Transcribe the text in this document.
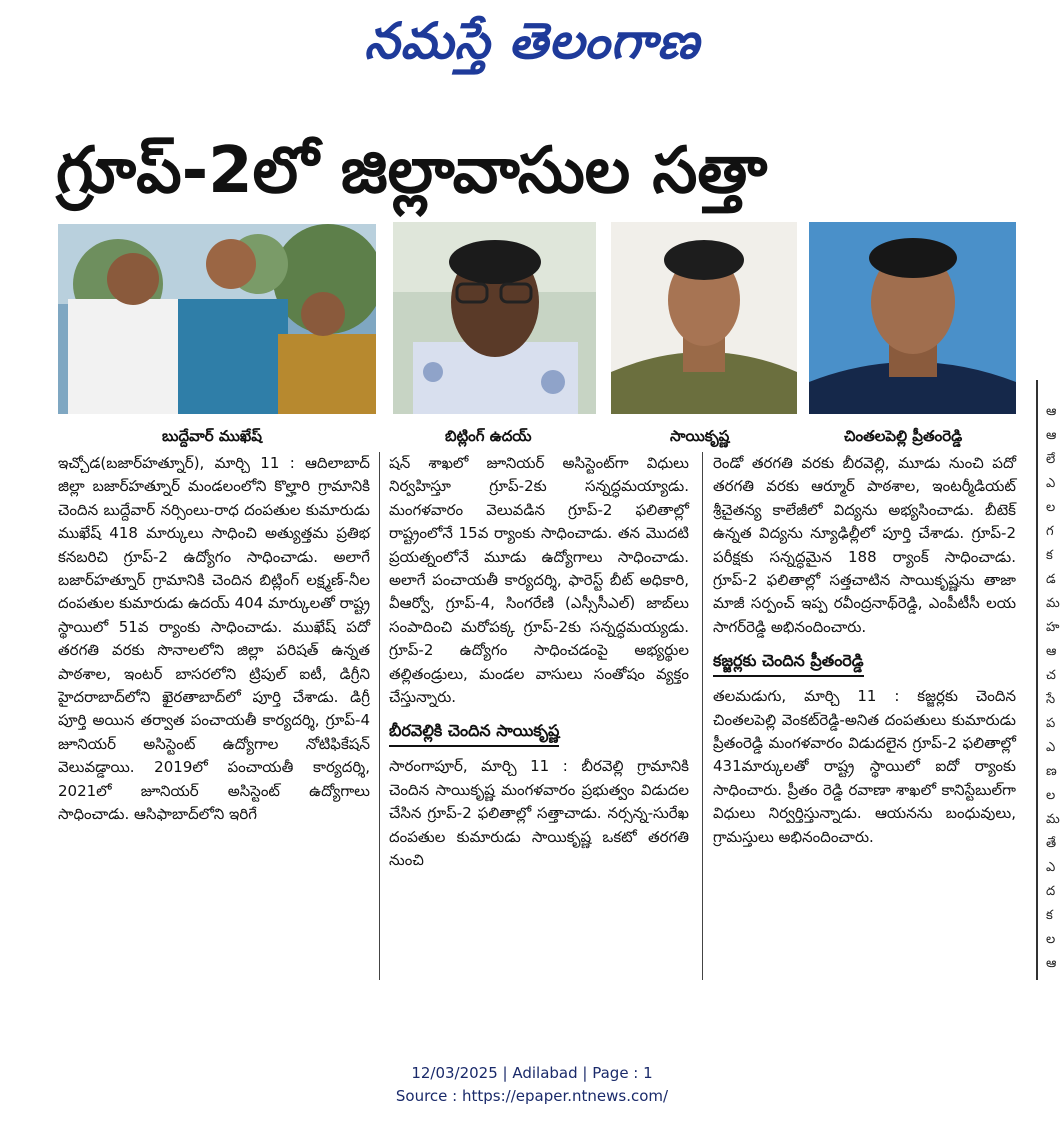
నమస్తే తెలంగాణ
గ్రూప్-2లో జిల్లావాసుల సత్తా
బుద్దేవార్ ముఖేష్	బిట్లింగ్ ఉదయ్	సాయికృష్ణ	చింతలపెల్లి ప్రీతంరెడ్డి

ఇచ్చోడ(బజార్‌హత్నూర్), మార్చి 11 : ఆదిలాబాద్ జిల్లా బజార్‌హత్నూర్ మండలంలోని కొల్హారి గ్రామానికి చెందిన బుద్దేవార్ నర్సింలు-రాధ దంపతుల కుమారుడు ముఖేష్ 418 మార్కులు సాధించి అత్యుత్తమ ప్రతిభ కనబరిచి గ్రూప్-2 ఉద్యోగం సాధించాడు. అలాగే బజార్‌హత్నూర్ గ్రామానికి చెందిన బిట్లింగ్ లక్ష్మణ్-నీల దంపతుల కుమారుడు ఉదయ్ 404 మార్కులతో రాష్ట్ర స్థాయిలో 51వ ర్యాంకు సాధించాడు. ముఖేష్ పదో తరగతి వరకు సొనాలలోని జిల్లా పరిషత్ ఉన్నత పాఠశాల, ఇంటర్ బాసరలోని ట్రిపుల్ ఐటీ, డిగ్రీని హైదరాబాద్‌లోని ఖైరతాబాద్‌లో పూర్తి చేశాడు. డిగ్రీ పూర్తి అయిన తర్వాత పంచాయతీ కార్యదర్శి, గ్రూప్-4 జూనియర్ అసిస్టెంట్ ఉద్యోగాల నోటిఫికేషన్ వెలువడ్డాయి. 2019లో పంచాయతీ కార్యదర్శి, 2021లో జూనియర్ అసిస్టెంట్ ఉద్యోగాలు సాధించాడు. ఆసిఫాబాద్‌లోని ఇరిగే

షన్ శాఖలో జూనియర్ అసిస్టెంట్‌గా విధులు నిర్వహిస్తూ గ్రూప్-2కు సన్నద్ధమయ్యాడు. మంగళవారం వెలువడిన గ్రూప్-2 ఫలితాల్లో రాష్ట్రంలోనే 15వ ర్యాంకు సాధించాడు. తన మొదటి ప్రయత్నంలోనే మూడు ఉద్యోగాలు సాధించాడు. అలాగే పంచాయతీ కార్యదర్శి, ఫారెస్ట్ బీట్ అధికారి, వీఆర్వో, గ్రూప్-4, సింగరేణి (ఎస్సీసీఎల్) జాబ్‌లు సంపాదించి మరోపక్క గ్రూప్-2కు సన్నద్ధమయ్యడు. గ్రూప్-2 ఉద్యోగం సాధించడంపై అభ్యర్థుల తల్లితండ్రులు, మండల వాసులు సంతోషం వ్యక్తం చేస్తున్నారు.

బీరవెల్లికి చెందిన సాయికృష్ణ

సారంగాపూర్, మార్చి 11 : బీరవెల్లి గ్రామానికి చెందిన సాయికృష్ణ మంగళవారం ప్రభుత్వం విడుదల చేసిన గ్రూప్-2 ఫలితాల్లో సత్తాచాడు. నర్సన్న-సురేఖ దంపతుల కుమారుడు సాయికృష్ణ ఒకటో తరగతి నుంచి

రెండో తరగతి వరకు బీరవెల్లి, మూడు నుంచి పదో తరగతి వరకు ఆర్మూర్ పాఠశాల, ఇంటర్మీడియట్ శ్రీచైతన్య కాలేజీలో విద్యను అభ్యసించాడు. బీటెక్ ఉన్నత విద్యను న్యూఢిల్లీలో పూర్తి చేశాడు. గ్రూప్-2 పరీక్షకు సన్నద్ధమైన 188 ర్యాంక్ సాధించాడు. గ్రూప్-2 ఫలితాల్లో సత్తచాటిన సాయికృష్ణను తాజా మాజీ సర్పంచ్ ఇప్ప రవీంద్రనాథ్‌రెడ్డి, ఎంపీటీసీ లయ సాగర్‌రెడ్డి అభినందించారు.

కజ్జర్లకు చెందిన ప్రీతంరెడ్డి

తలమడుగు, మార్చి 11 : కజ్జర్లకు చెందిన చింతలపెల్లి వెంకట్‌రెడ్డి-అనిత దంపతులు కుమారుడు ప్రీతంరెడ్డి మంగళవారం విడుదలైన గ్రూప్-2 ఫలితాల్లో 431మార్కులతో రాష్ట్ర స్థాయిలో ఐదో ర్యాంకు సాధించారు. ప్రీతం రెడ్డి రవాణా శాఖలో కానిస్టేబుల్‌గా విధులు నిర్వర్తిస్తున్నాడు. ఆయనను బంధువులు, గ్రామస్తులు అభినందించారు.

ఆ
ఆ
లే
ఎ
ల
గ
క
డ
మ
హ
ఆ
చ
సే
ప
ఎ
ణ
ల
మ
తే
ఎ
ద
క
ల
ఆ
12/03/2025 | Adilabad | Page : 1
Source : https://epaper.ntnews.com/
